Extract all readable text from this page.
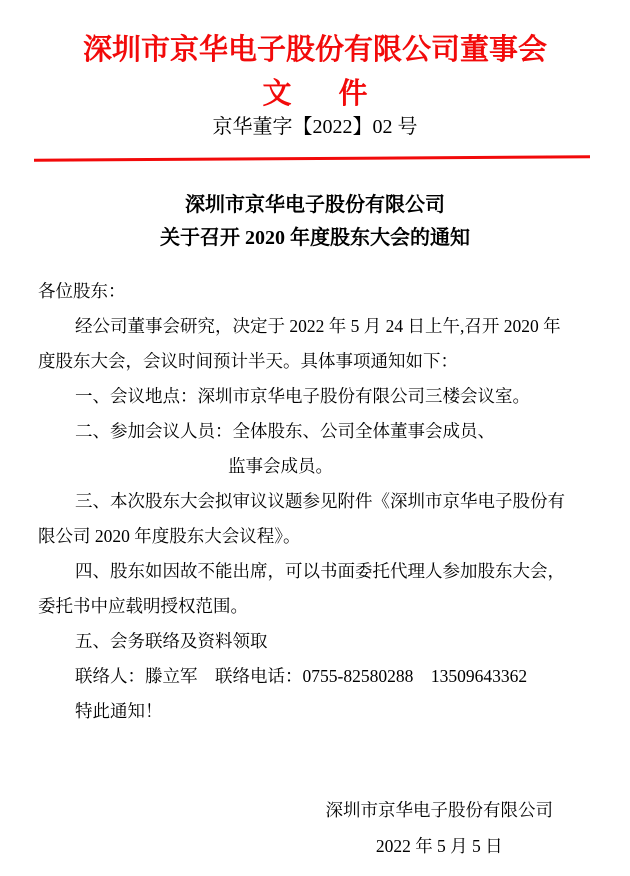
深圳市京华电子股份有限公司董事会
文　件
京华董字【2022】02 号
深圳市京华电子股份有限公司
关于召开 2020 年度股东大会的通知
各位股东：
经公司董事会研究，决定于 2022 年 5 月 24 日上午,召开 2020 年
度股东大会，会议时间预计半天。具体事项通知如下：
一、会议地点：深圳市京华电子股份有限公司三楼会议室。
二、参加会议人员：全体股东、公司全体董事会成员、
监事会成员。
三、本次股东大会拟审议议题参见附件《深圳市京华电子股份有
限公司 2020 年度股东大会议程》。
四、股东如因故不能出席，可以书面委托代理人参加股东大会，
委托书中应载明授权范围。
五、会务联络及资料领取
联络人：滕立军　联络电话：0755-82580288　13509643362
特此通知！
深圳市京华电子股份有限公司
2022 年 5 月 5 日
